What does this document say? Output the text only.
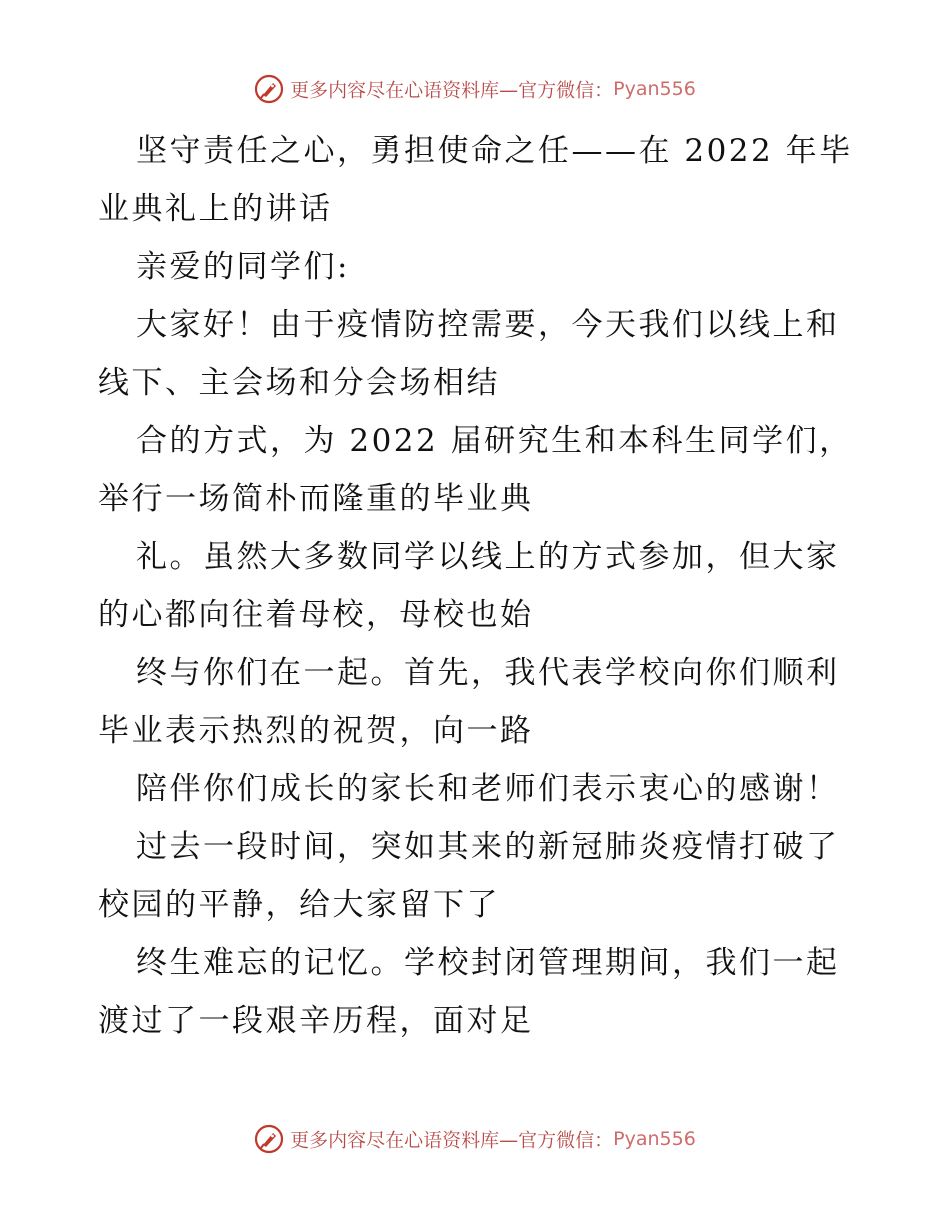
更多内容尽在心语资料库—官方微信：Pyan556
坚守责任之心，勇担使命之任——在 2022 年毕
业典礼上的讲话
亲爱的同学们:
大家好！由于疫情防控需要，今天我们以线上和
线下、主会场和分会场相结
合的方式，为 2022 届研究生和本科生同学们，
举行一场简朴而隆重的毕业典
礼。虽然大多数同学以线上的方式参加，但大家
的心都向往着母校，母校也始
终与你们在一起。首先，我代表学校向你们顺利
毕业表示热烈的祝贺，向一路
陪伴你们成长的家长和老师们表示衷心的感谢！
过去一段时间，突如其来的新冠肺炎疫情打破了
校园的平静，给大家留下了
终生难忘的记忆。学校封闭管理期间，我们一起
渡过了一段艰辛历程，面对足
更多内容尽在心语资料库—官方微信：Pyan556
